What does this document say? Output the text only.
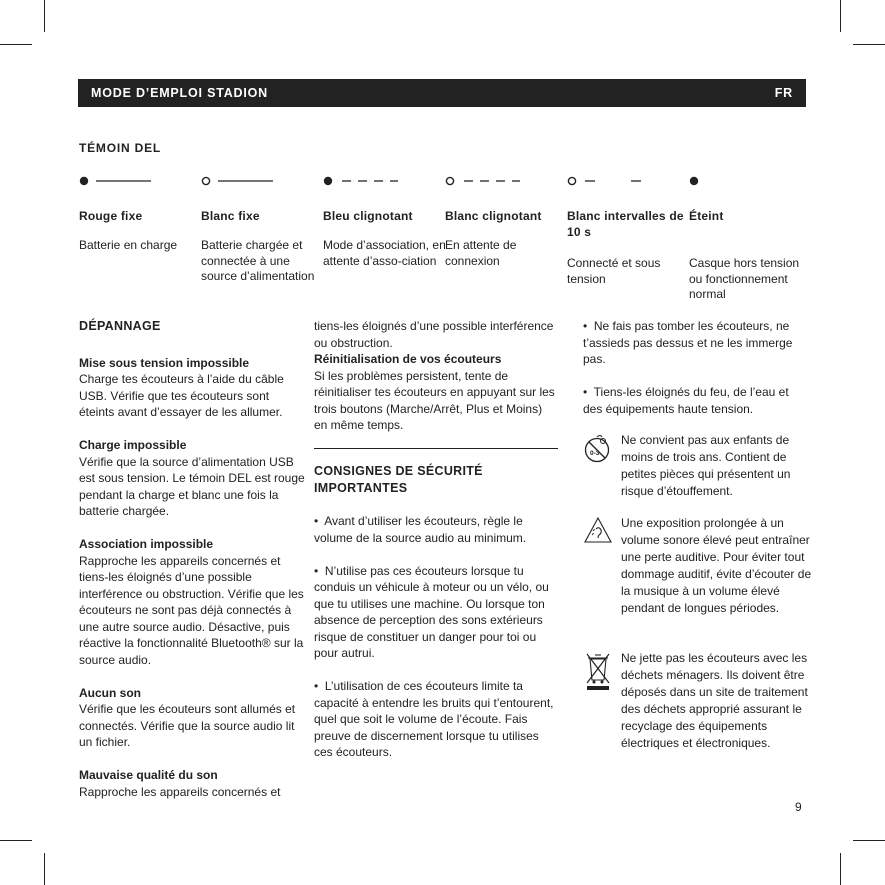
MODE D’EMPLOI STADION	FR
TÉMOIN DEL
Rouge fixe
Batterie en charge
Blanc fixe
Batterie chargée et connectée à une source d’alimentation
Bleu clignotant
Mode d’association, en attente d’asso-ciation
Blanc clignotant
En attente de connexion
Blanc intervalles de 10 s
Connecté et sous tension
Éteint
Casque hors tension ou fonctionnement normal

DÉPANNAGE

Mise sous tension impossible

Charge tes écouteurs à l’aide du câble USB. Vérifie que tes écouteurs sont éteints avant d’essayer de les allumer.

Charge impossible

Vérifie que la source d’alimentation USB est sous tension. Le témoin DEL est rouge pendant la charge et blanc une fois la batterie chargée.

Association impossible

Rapproche les appareils concernés et tiens-les éloignés d’une possible interférence ou obstruction. Vérifie que les écouteurs ne sont pas déjà connectés à une autre source audio. Désactive, puis réactive la fonctionnalité Bluetooth® sur la source audio.

Aucun son

Vérifie que les écouteurs sont allumés et connectés. Vérifie que la source audio lit un fichier.

Mauvaise qualité du son

Rapproche les appareils concernés et

tiens-les éloignés d’une possible interférence ou obstruction.

Réinitialisation de vos écouteurs

Si les problèmes persistent, tente de réinitialiser tes écouteurs en appuyant sur les trois boutons (Marche/Arrêt, Plus et Moins) en même temps.

CONSIGNES DE SÉCURITÉ IMPORTANTES

•  Avant d’utiliser les écouteurs, règle le volume de la source audio au minimum.

•  N’utilise pas ces écouteurs lorsque tu conduis un véhicule à moteur ou un vélo, ou que tu utilises une machine. Ou lorsque ton absence de perception des sons extérieurs risque de constituer un danger pour toi ou pour autrui.

•  L’utilisation de ces écouteurs limite ta capacité à entendre les bruits qui t’entourent, quel que soit le volume de l’écoute. Fais preuve de discernement lorsque tu utilises ces écouteurs.

•  Ne fais pas tomber les écouteurs, ne t’assieds pas dessus et ne les immerge pas.

•  Tiens-les éloignés du feu, de l’eau et des équipements haute tension.

0-3
Ne convient pas aux enfants de moins de trois ans. Contient de petites pièces qui présentent un risque d’étouffement.
Une exposition prolongée à un volume sonore élevé peut entraîner une perte auditive. Pour éviter tout dommage auditif, évite d’écouter de la musique à un volume élevé pendant de longues périodes.
Ne jette pas les écouteurs avec les déchets ménagers. Ils doivent être déposés dans un site de traitement des déchets approprié assurant le recyclage des équipements électriques et électroniques.
9
